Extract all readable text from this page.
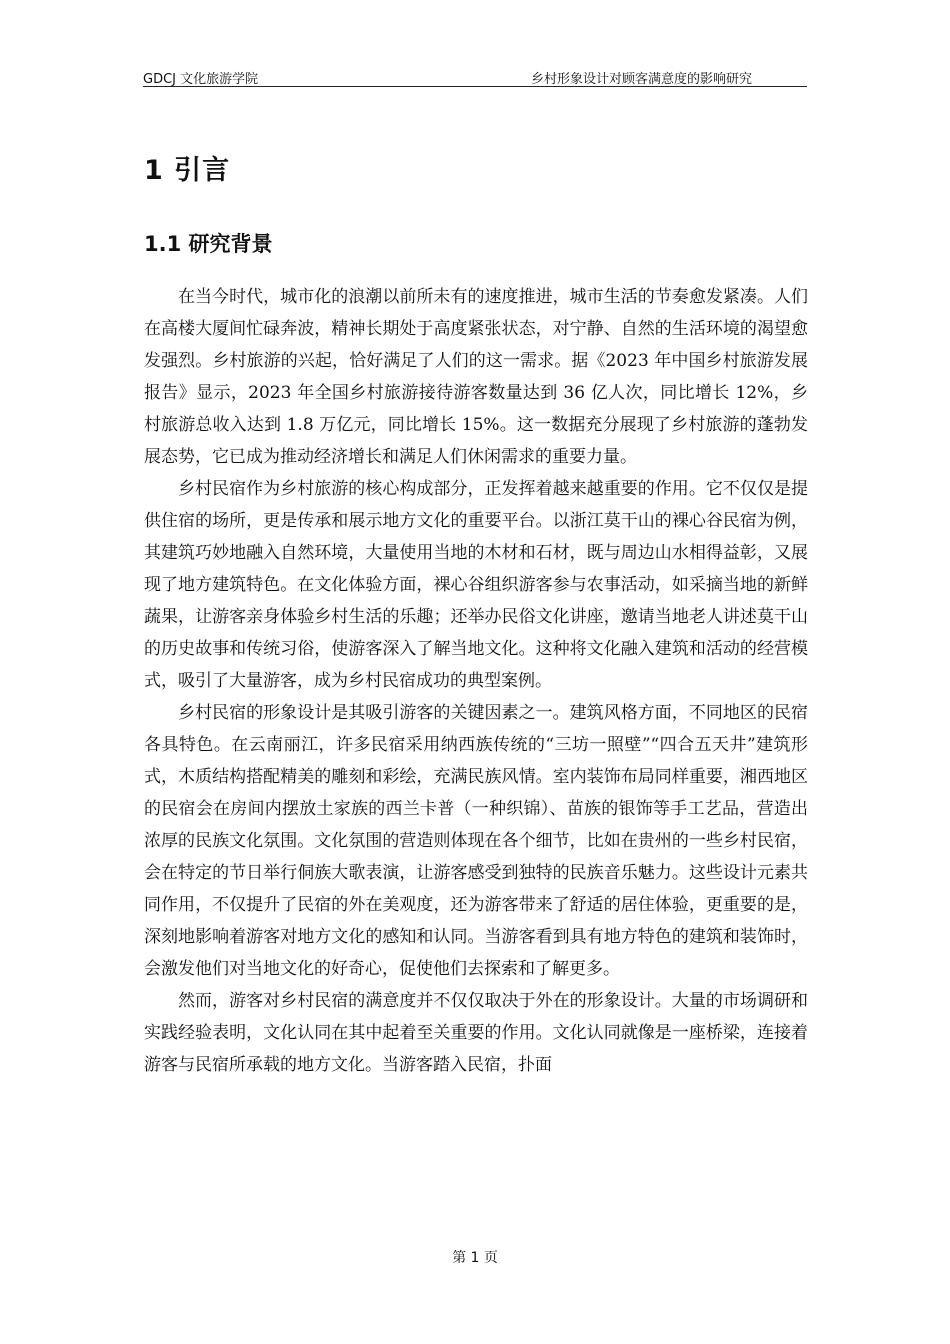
GDCJ 文化旅游学院	乡村形象设计对顾客满意度的影响研究
1 引言
1.1 研究背景

在当今时代，城市化的浪潮以前所未有的速度推进，城市生活的节奏愈发紧凑。人们在高楼大厦间忙碌奔波，精神长期处于高度紧张状态，对宁静、自然的生活环境的渴望愈发强烈。乡村旅游的兴起，恰好满足了人们的这一需求。据《2023 年中国乡村旅游发展报告》显示，2023 年全国乡村旅游接待游客数量达到 36 亿人次，同比增长 12%，乡村旅游总收入达到 1.8 万亿元，同比增长 15%。这一数据充分展现了乡村旅游的蓬勃发展态势，它已成为推动经济增长和满足人们休闲需求的重要力量。

乡村民宿作为乡村旅游的核心构成部分，正发挥着越来越重要的作用。它不仅仅是提供住宿的场所，更是传承和展示地方文化的重要平台。以浙江莫干山的裸心谷民宿为例，其建筑巧妙地融入自然环境，大量使用当地的木材和石材，既与周边山水相得益彰，又展现了地方建筑特色。在文化体验方面，裸心谷组织游客参与农事活动，如采摘当地的新鲜蔬果，让游客亲身体验乡村生活的乐趣；还举办民俗文化讲座，邀请当地老人讲述莫干山的历史故事和传统习俗，使游客深入了解当地文化。这种将文化融入建筑和活动的经营模式，吸引了大量游客，成为乡村民宿成功的典型案例。

乡村民宿的形象设计是其吸引游客的关键因素之一。建筑风格方面，不同地区的民宿各具特色。在云南丽江，许多民宿采用纳西族传统的“三坊一照壁”“四合五天井”建筑形式，木质结构搭配精美的雕刻和彩绘，充满民族风情。室内装饰布局同样重要，湘西地区的民宿会在房间内摆放土家族的西兰卡普（一种织锦）、苗族的银饰等手工艺品，营造出浓厚的民族文化氛围。文化氛围的营造则体现在各个细节，比如在贵州的一些乡村民宿，会在特定的节日举行侗族大歌表演，让游客感受到独特的民族音乐魅力。这些设计元素共同作用，不仅提升了民宿的外在美观度，还为游客带来了舒适的居住体验，更重要的是，深刻地影响着游客对地方文化的感知和认同。当游客看到具有地方特色的建筑和装饰时，会激发他们对当地文化的好奇心，促使他们去探索和了解更多。

然而，游客对乡村民宿的满意度并不仅仅取决于外在的形象设计。大量的市场调研和实践经验表明，文化认同在其中起着至关重要的作用。文化认同就像是一座桥梁，连接着游客与民宿所承载的地方文化。当游客踏入民宿，扑面

第 1 页
